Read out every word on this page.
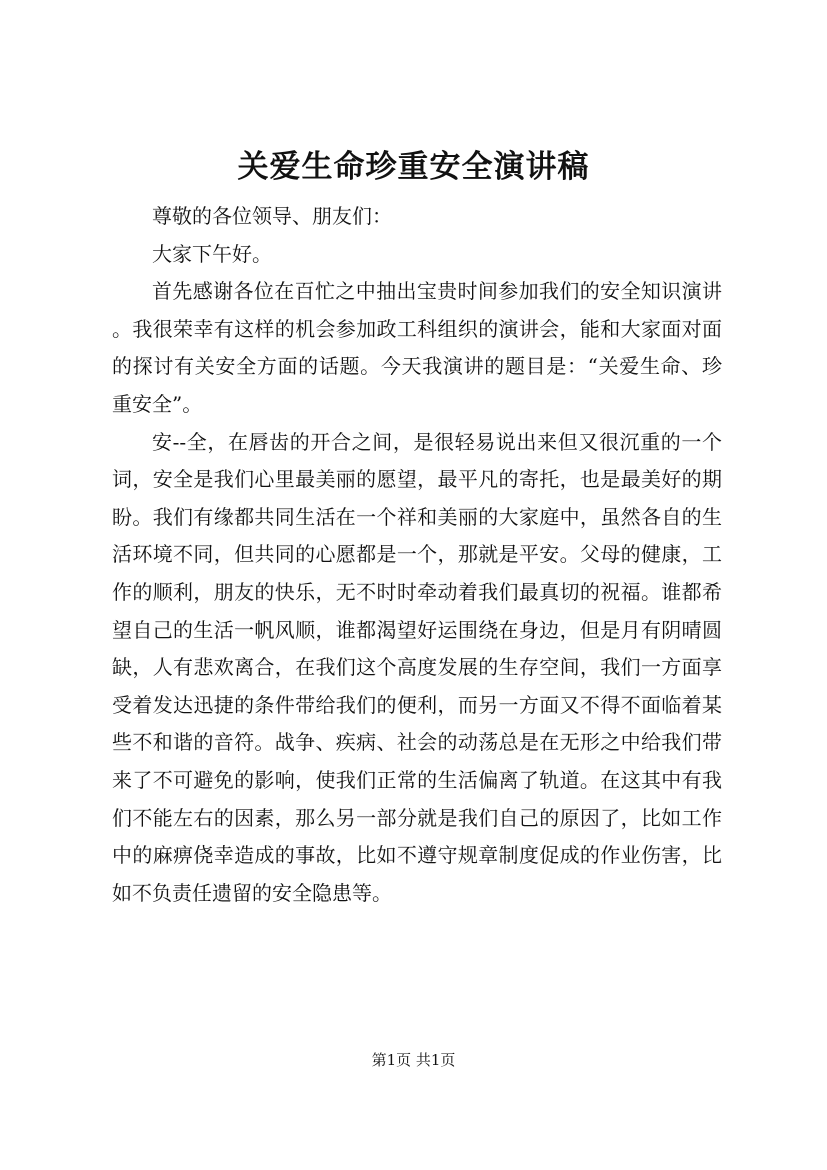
关爱生命珍重安全演讲稿

尊敬的各位领导、朋友们：

大家下午好。

首先感谢各位在百忙之中抽出宝贵时间参加我们的安全知识演讲。我很荣幸有这样的机会参加政工科组织的演讲会，能和大家面对面的探讨有关安全方面的话题。今天我演讲的题目是：“关爱生命、珍重安全”。

安--全，在唇齿的开合之间，是很轻易说出来但又很沉重的一个词，安全是我们心里最美丽的愿望，最平凡的寄托，也是最美好的期盼。我们有缘都共同生活在一个祥和美丽的大家庭中，虽然各自的生活环境不同，但共同的心愿都是一个，那就是平安。父母的健康，工作的顺利，朋友的快乐，无不时时牵动着我们最真切的祝福。谁都希望自己的生活一帆风顺，谁都渴望好运围绕在身边，但是月有阴晴圆缺，人有悲欢离合，在我们这个高度发展的生存空间，我们一方面享受着发达迅捷的条件带给我们的便利，而另一方面又不得不面临着某些不和谐的音符。战争、疾病、社会的动荡总是在无形之中给我们带来了不可避免的影响，使我们正常的生活偏离了轨道。在这其中有我们不能左右的因素，那么另一部分就是我们自己的原因了，比如工作中的麻痹侥幸造成的事故，比如不遵守规章制度促成的作业伤害，比如不负责任遗留的安全隐患等。

第1页 共1页
